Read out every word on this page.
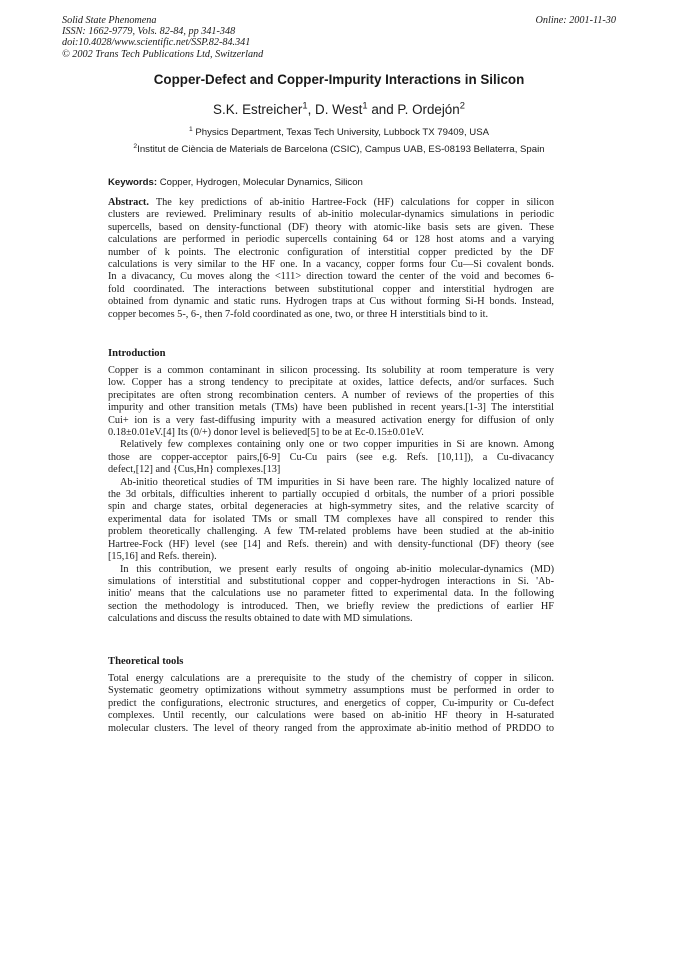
Solid State Phenomena
ISSN: 1662-9779, Vols. 82-84, pp 341-348
doi:10.4028/www.scientific.net/SSP.82-84.341
© 2002 Trans Tech Publications Ltd, Switzerland
Online: 2001-11-30
Copper-Defect and Copper-Impurity Interactions in Silicon
S.K. Estreicher$^1$, D. West$^1$ and P. Ordejón$^2$
$^1$ Physics Department, Texas Tech University, Lubbock TX 79409, USA
$^2$Institut de Ciència de Materials de Barcelona (CSIC), Campus UAB, ES-08193 Bellaterra, Spain
Keywords: Copper, Hydrogen, Molecular Dynamics, Silicon
Abstract. The key predictions of ab-initio Hartree-Fock (HF) calculations for copper in silicon
clusters are reviewed. Preliminary results of ab-initio molecular-dynamics simulations in periodic
supercells, based on density-functional (DF) theory with atomic-like basis sets are given. These
calculations are performed in periodic supercells containing 64 or 128 host atoms and a varying
number of k points. The electronic configuration of interstitial copper predicted by the DF
calculations is very similar to the HF one. In a vacancy, copper forms four Cu—Si covalent bonds.
In a divacancy, Cu moves along the <111> direction toward the center of the void and becomes 6-
fold coordinated. The interactions between substitutional copper and interstitial hydrogen are
obtained from dynamic and static runs. Hydrogen traps at Cus without forming Si-H bonds. Instead,
copper becomes 5-, 6-, then 7-fold coordinated as one, two, or three H interstitials bind to it.
Introduction
Copper is a common contaminant in silicon processing. Its solubility at room temperature is very
low. Copper has a strong tendency to precipitate at oxides, lattice defects, and/or surfaces. Such
precipitates are often strong recombination centers. A number of reviews of the properties of this
impurity and other transition metals (TMs) have been published in recent years.[1-3] The interstitial
Cui+ ion is a very fast-diffusing impurity with a measured activation energy for diffusion of only
0.18±0.01eV.[4] Its (0/+) donor level is believed[5] to be at Ec-0.15±0.01eV.
Relatively few complexes containing only one or two copper impurities in Si are known. Among
those are copper-acceptor pairs,[6-9] Cu-Cu pairs (see e.g. Refs. [10,11]), a Cu-divacancy
defect,[12] and {Cus,Hn} complexes.[13]
Ab-initio theoretical studies of TM impurities in Si have been rare. The highly localized nature of
the 3d orbitals, difficulties inherent to partially occupied d orbitals, the number of a priori possible
spin and charge states, orbital degeneracies at high-symmetry sites, and the relative scarcity of
experimental data for isolated TMs or small TM complexes have all conspired to render this
problem theoretically challenging. A few TM-related problems have been studied at the ab-initio
Hartree-Fock (HF) level (see [14] and Refs. therein) and with density-functional (DF) theory (see
[15,16] and Refs. therein).
In this contribution, we present early results of ongoing ab-initio molecular-dynamics (MD)
simulations of interstitial and substitutional copper and copper-hydrogen interactions in Si. 'Ab-
initio' means that the calculations use no parameter fitted to experimental data. In the following
section the methodology is introduced. Then, we briefly review the predictions of earlier HF
calculations and discuss the results obtained to date with MD simulations.
Theoretical tools
Total energy calculations are a prerequisite to the study of the chemistry of copper in silicon.
Systematic geometry optimizations without symmetry assumptions must be performed in order to
predict the configurations, electronic structures, and energetics of copper, Cu-impurity or Cu-defect
complexes. Until recently, our calculations were based on ab-initio HF theory in H-saturated
molecular clusters. The level of theory ranged from the approximate ab-initio method of PRDDO to
